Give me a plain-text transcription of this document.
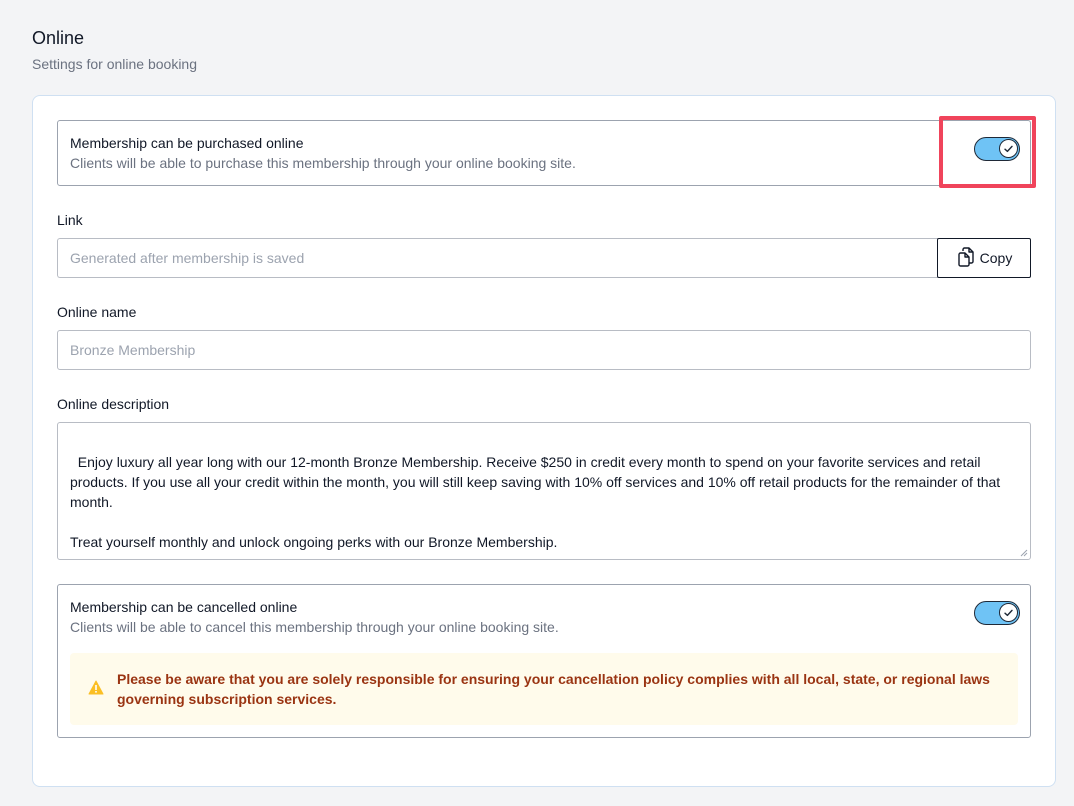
Online
Settings for online booking
Membership can be purchased online
Clients will be able to purchase this membership through your online booking site.
Link
Generated after membership is saved
Copy
Online name
Bronze Membership
Online description

Enjoy luxury all year long with our 12-month Bronze Membership. Receive $250 in credit every month to spend on your favorite services and retail products. If you use all your credit within the month, you will still keep saving with 10% off services and 10% off retail products for the remainder of that month.

Treat yourself monthly and unlock ongoing perks with our Bronze Membership.

Membership can be cancelled online
Clients will be able to cancel this membership through your online booking site.
Please be aware that you are solely responsible for ensuring your cancellation policy complies with all local, state, or regional laws governing subscription services.
